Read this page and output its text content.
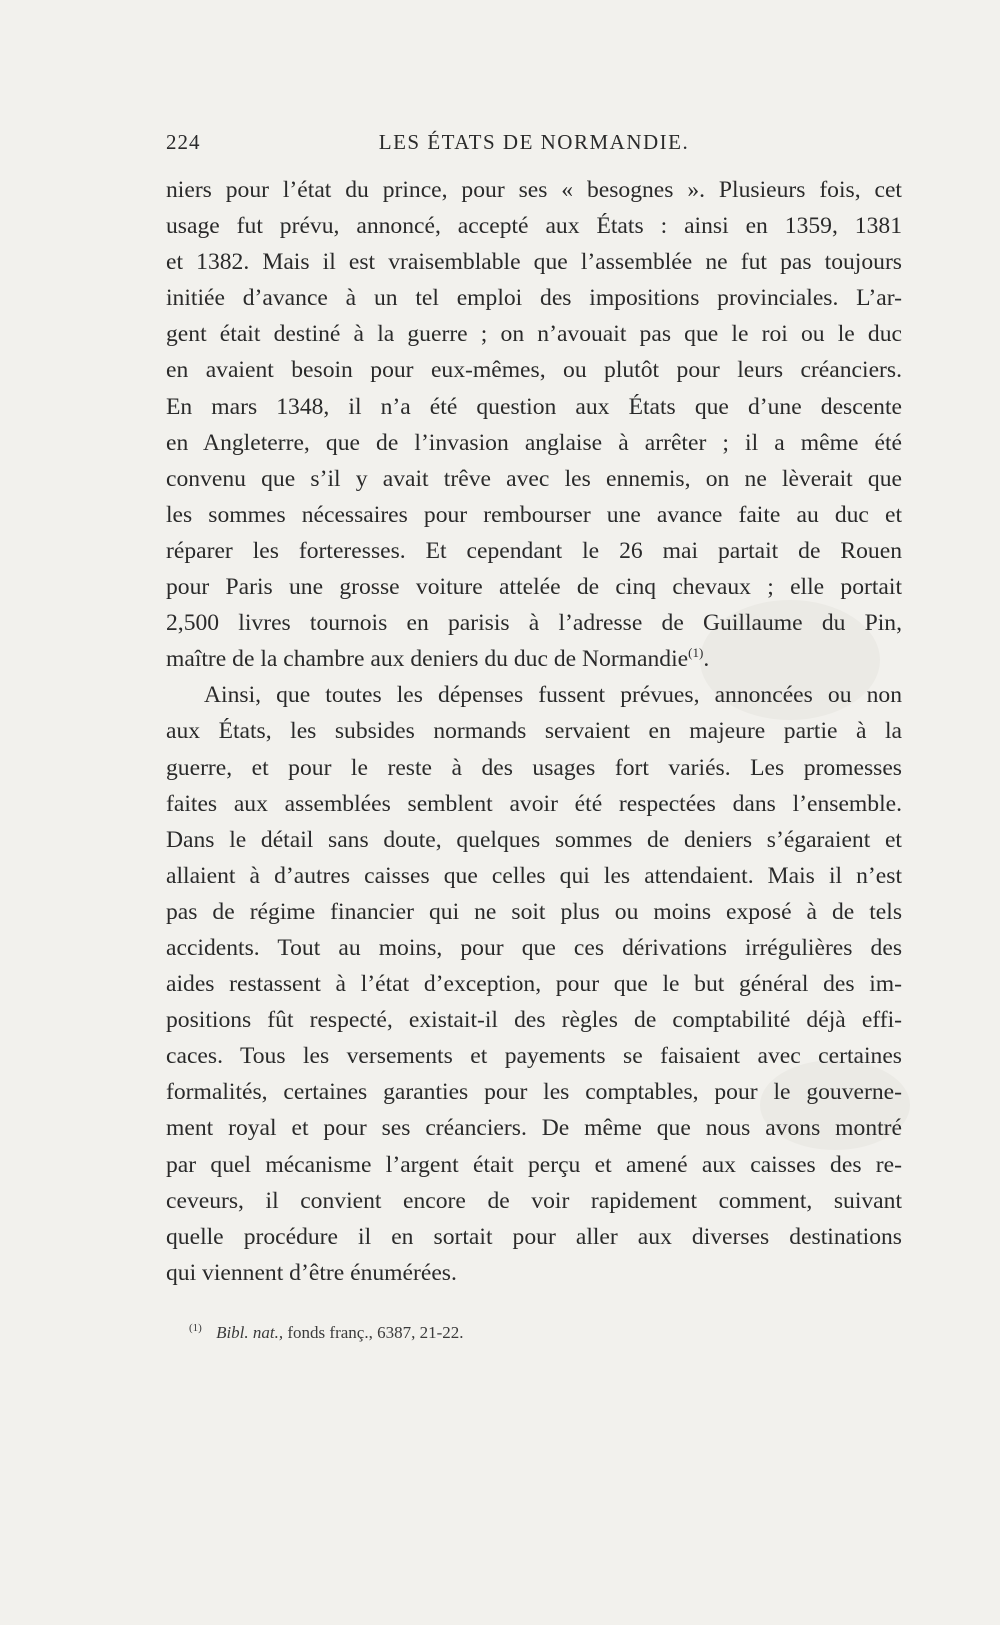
224	LES ÉTATS DE NORMANDIE.
niers pour l’état du prince, pour ses « besognes ». Plusieurs fois, cet
usage fut prévu, annoncé, accepté aux États : ainsi en 1359, 1381
et 1382. Mais il est vraisemblable que l’assemblée ne fut pas toujours
initiée d’avance à un tel emploi des impositions provinciales. L’ar-
gent était destiné à la guerre ; on n’avouait pas que le roi ou le duc
en avaient besoin pour eux-mêmes, ou plutôt pour leurs créanciers.
En mars 1348, il n’a été question aux États que d’une descente
en Angleterre, que de l’invasion anglaise à arrêter ; il a même été
convenu que s’il y avait trêve avec les ennemis, on ne lèverait que
les sommes nécessaires pour rembourser une avance faite au duc et
réparer les forteresses. Et cependant le 26 mai partait de Rouen
pour Paris une grosse voiture attelée de cinq chevaux ; elle portait
2,500 livres tournois en parisis à l’adresse de Guillaume du Pin,
maître de la chambre aux deniers du duc de Normandie$^{(1)}$.
Ainsi, que toutes les dépenses fussent prévues, annoncées ou non
aux États, les subsides normands servaient en majeure partie à la
guerre, et pour le reste à des usages fort variés. Les promesses
faites aux assemblées semblent avoir été respectées dans l’ensemble.
Dans le détail sans doute, quelques sommes de deniers s’égaraient et
allaient à d’autres caisses que celles qui les attendaient. Mais il n’est
pas de régime financier qui ne soit plus ou moins exposé à de tels
accidents. Tout au moins, pour que ces dérivations irrégulières des
aides restassent à l’état d’exception, pour que le but général des im-
positions fût respecté, existait-il des règles de comptabilité déjà effi-
caces. Tous les versements et payements se faisaient avec certaines
formalités, certaines garanties pour les comptables, pour le gouverne-
ment royal et pour ses créanciers. De même que nous avons montré
par quel mécanisme l’argent était perçu et amené aux caisses des re-
ceveurs, il convient encore de voir rapidement comment, suivant
quelle procédure il en sortait pour aller aux diverses destinations
qui viennent d’être énumérées.
$^{(1)}$ Bibl. nat., fonds franç., 6387, 21-22.
